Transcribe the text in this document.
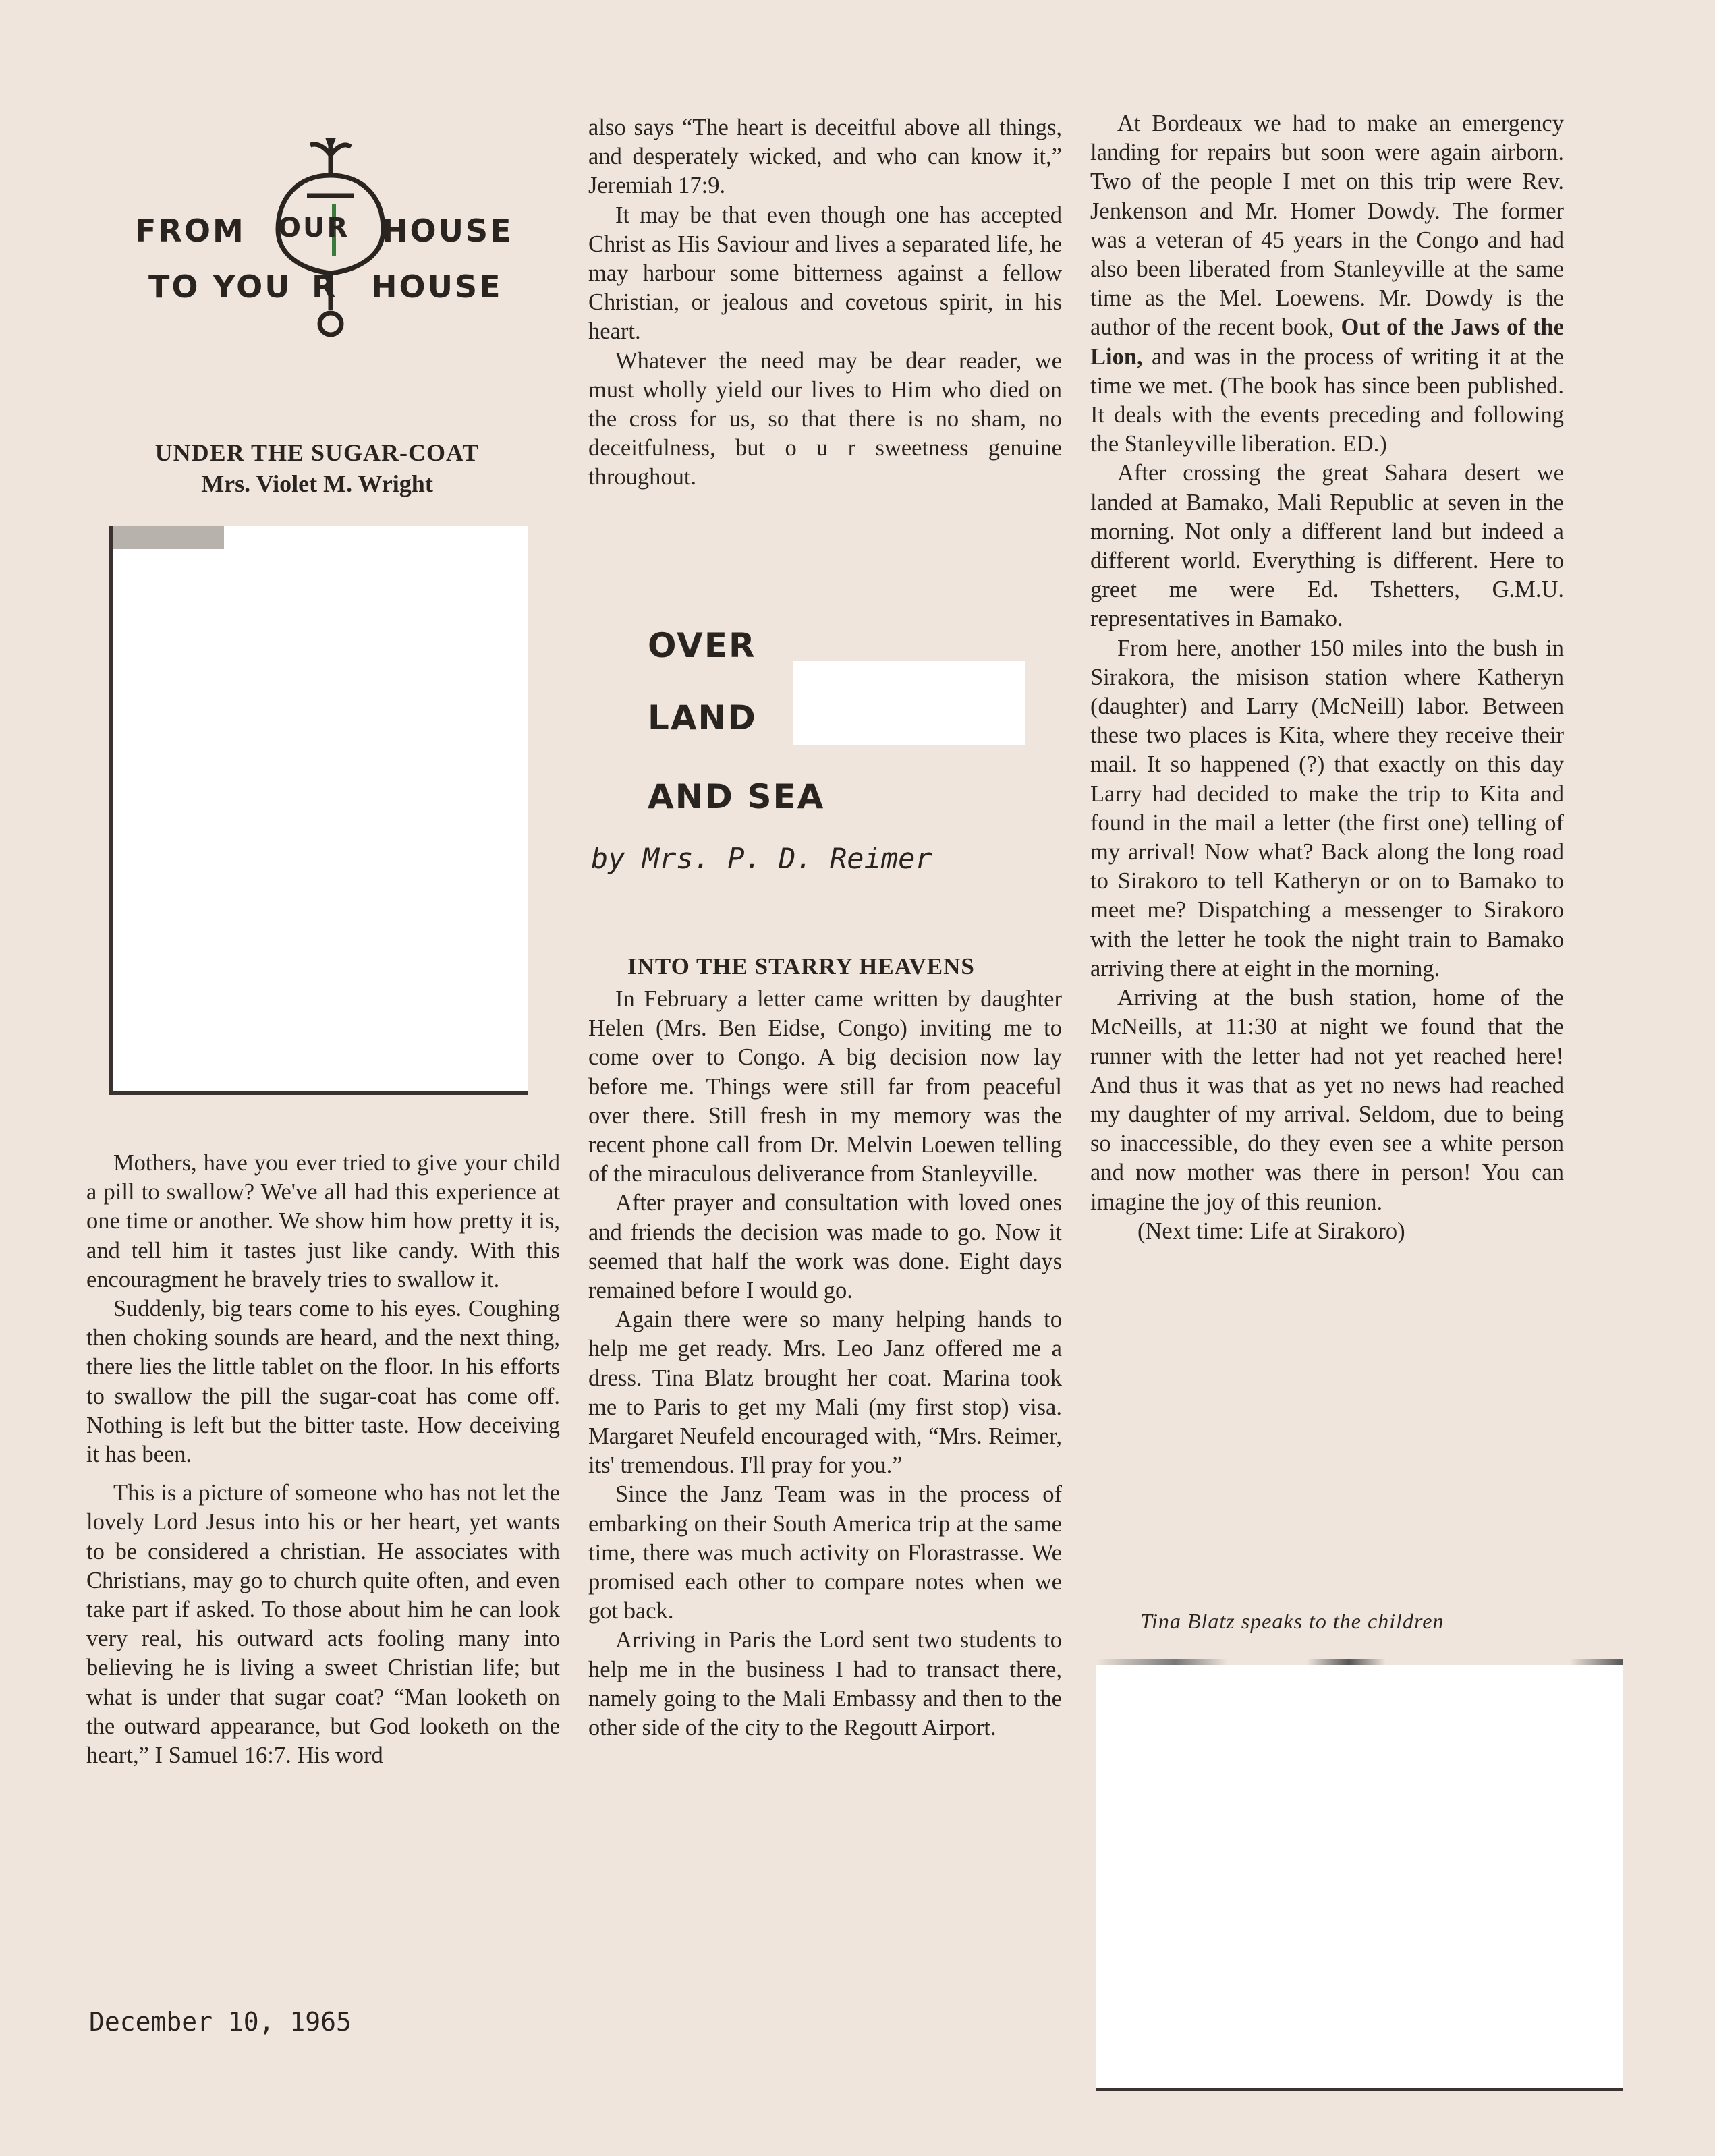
FROM OUR HOUSE
TO YOU R HOUSE
UNDER THE SUGAR-COAT
Mrs. Violet M. Wright

Mothers, have you ever tried to give your child a pill to swallow? We've all had this experience at one time or another. We show him how pretty it is, and tell him it tastes just like candy. With this encouragment he bravely tries to swallow it.

Suddenly, big tears come to his eyes. Coughing then choking sounds are heard, and the next thing, there lies the little tablet on the floor. In his efforts to swallow the pill the sugar-coat has come off. Nothing is left but the bitter taste. How deceiving it has been.

This is a picture of someone who has not let the lovely Lord Jesus into his or her heart, yet wants to be considered a christian. He associates with Christians, may go to church quite often, and even take part if asked. To those about him he can look very real, his outward acts fooling many into believing he is living a sweet Christian life; but what is under that sugar coat? “Man looketh on the outward appearance, but God looketh on the heart,” I Samuel 16:7. His word

also says “The heart is deceitful above all things, and desperately wicked, and who can know it,” Jeremiah 17:9.

It may be that even though one has accepted Christ as His Saviour and lives a separated life, he may harbour some bitterness against a fellow Christian, or jealous and covetous spirit, in his heart.

Whatever the need may be dear reader, we must wholly yield our lives to Him who died on the cross for us, so that there is no sham, no deceitfulness, but o u r sweetness genuine throughout.

OVER
LAND
AND SEA
by Mrs. P. D. Reimer
INTO THE STARRY HEAVENS

In February a letter came written by daughter Helen (Mrs. Ben Eidse, Congo) inviting me to come over to Congo. A big decision now lay before me. Things were still far from peaceful over there. Still fresh in my memory was the recent phone call from Dr. Melvin Loewen telling of the miraculous deliverance from Stanleyville.

After prayer and consultation with loved ones and friends the decision was made to go. Now it seemed that half the work was done. Eight days remained before I would go.

Again there were so many helping hands to help me get ready. Mrs. Leo Janz offered me a dress. Tina Blatz brought her coat. Marina took me to Paris to get my Mali (my first stop) visa. Margaret Neufeld encouraged with, “Mrs. Reimer, its' tremendous. I'll pray for you.”

Since the Janz Team was in the process of embarking on their South America trip at the same time, there was much activity on Florastrasse. We promised each other to compare notes when we got back.

Arriving in Paris the Lord sent two students to help me in the business I had to transact there, namely going to the Mali Embassy and then to the other side of the city to the Regoutt Airport.

At Bordeaux we had to make an emergency landing for repairs but soon were again airborn. Two of the people I met on this trip were Rev. Jenkenson and Mr. Homer Dowdy. The former was a veteran of 45 years in the Congo and had also been liberated from Stanleyville at the same time as the Mel. Loewens. Mr. Dowdy is the author of the recent book, Out of the Jaws of the Lion, and was in the process of writing it at the time we met. (The book has since been published. It deals with the events preceding and following the Stanleyville liberation. ED.)

After crossing the great Sahara desert we landed at Bamako, Mali Republic at seven in the morning. Not only a different land but indeed a different world. Everything is different. Here to greet me were Ed. Tshetters, G.M.U. representatives in Bamako.

From here, another 150 miles into the bush in Sirakora, the misison station where Katheryn (daughter) and Larry (McNeill) labor. Between these two places is Kita, where they receive their mail. It so happened (?) that exactly on this day Larry had decided to make the trip to Kita and found in the mail a letter (the first one) telling of my arrival! Now what? Back along the long road to Sirakoro to tell Katheryn or on to Bamako to meet me? Dispatching a messenger to Sirakoro with the letter he took the night train to Bamako arriving there at eight in the morning.

Arriving at the bush station, home of the McNeills, at 11:30 at night we found that the runner with the letter had not yet reached here! And thus it was that as yet no news had reached my daughter of my arrival. Seldom, due to being so inaccessible, do they even see a white person and now mother was there in person! You can imagine the joy of this reunion.

(Next time: Life at Sirakoro)

Tina Blatz speaks to the children
December 10, 1965
